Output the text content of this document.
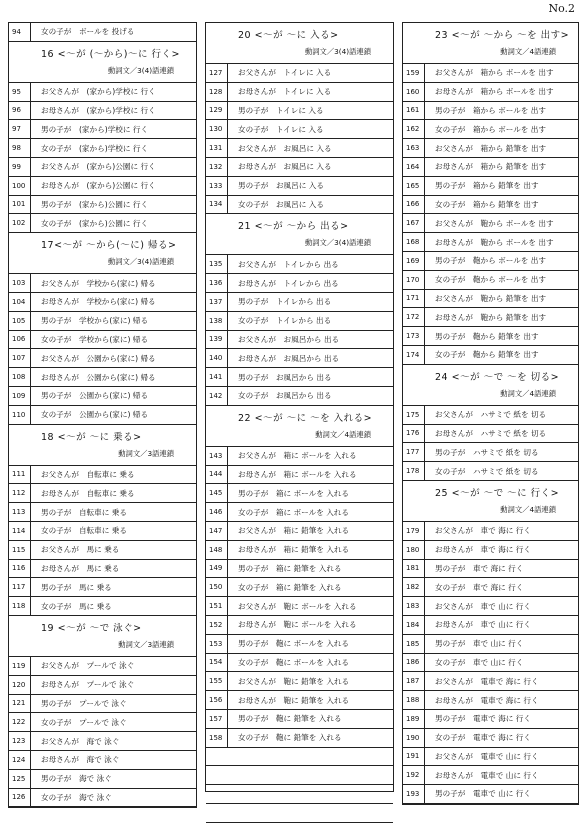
No.2
94	女の子が　ボールを 投げる
16 <～が (～から)～に 行く>
動詞文／3(4)語連鎖
95	お父さんが　(家から)学校に 行く
96	お母さんが　(家から)学校に 行く
97	男の子が　(家から)学校に 行く
98	女の子が　(家から)学校に 行く
99	お父さんが　(家から)公園に 行く
100	お母さんが　(家から)公園に 行く
101	男の子が　(家から)公園に 行く
102	女の子が　(家から)公園に 行く
17<～が ～から(～に) 帰る>
動詞文／3(4)語連鎖
103	お父さんが　学校から(家に) 帰る
104	お母さんが　学校から(家に) 帰る
105	男の子が　学校から(家に) 帰る
106	女の子が　学校から(家に) 帰る
107	お父さんが　公園から(家に) 帰る
108	お母さんが　公園から(家に) 帰る
109	男の子が　公園から(家に) 帰る
110	女の子が　公園から(家に) 帰る
18 <～が ～に 乗る>
動詞文／3語連鎖
111	お父さんが　自転車に 乗る
112	お母さんが　自転車に 乗る
113	男の子が　自転車に 乗る
114	女の子が　自転車に 乗る
115	お父さんが　馬に 乗る
116	お母さんが　馬に 乗る
117	男の子が　馬に 乗る
118	女の子が　馬に 乗る
19 <～が ～で 泳ぐ>
動詞文／3語連鎖
119	お父さんが　プールで 泳ぐ
120	お母さんが　プールで 泳ぐ
121	男の子が　プールで 泳ぐ
122	女の子が　プールで 泳ぐ
123	お父さんが　海で 泳ぐ
124	お母さんが　海で 泳ぐ
125	男の子が　海で 泳ぐ
126	女の子が　海で 泳ぐ
20 <～が ～に 入る>
動詞文／3(4)語連鎖
127	お父さんが　トイレに 入る
128	お母さんが　トイレに 入る
129	男の子が　トイレに 入る
130	女の子が　トイレに 入る
131	お父さんが　お風呂に 入る
132	お母さんが　お風呂に 入る
133	男の子が　お風呂に 入る
134	女の子が　お風呂に 入る
21 <～が ～から 出る>
動詞文／3(4)語連鎖
135	お父さんが　トイレから 出る
136	お母さんが　トイレから 出る
137	男の子が　トイレから 出る
138	女の子が　トイレから 出る
139	お父さんが　お風呂から 出る
140	お母さんが　お風呂から 出る
141	男の子が　お風呂から 出る
142	女の子が　お風呂から 出る
22 <～が ～に ～を 入れる>
動詞文／4語連鎖
143	お父さんが　箱に ボールを 入れる
144	お母さんが　箱に ボールを 入れる
145	男の子が　箱に ボールを 入れる
146	女の子が　箱に ボールを 入れる
147	お父さんが　箱に 鉛筆を 入れる
148	お母さんが　箱に 鉛筆を 入れる
149	男の子が　箱に 鉛筆を 入れる
150	女の子が　箱に 鉛筆を 入れる
151	お父さんが　鞄に ボールを 入れる
152	お母さんが　鞄に ボールを 入れる
153	男の子が　鞄に ボールを 入れる
154	女の子が　鞄に ボールを 入れる
155	お父さんが　鞄に 鉛筆を 入れる
156	お母さんが　鞄に 鉛筆を 入れる
157	男の子が　鞄に 鉛筆を 入れる
158	女の子が　鞄に 鉛筆を 入れる
23 <～が ～から ～を 出す>
動詞文／4語連鎖
159	お父さんが　箱から ボールを 出す
160	お母さんが　箱から ボールを 出す
161	男の子が　箱から ボールを 出す
162	女の子が　箱から ボールを 出す
163	お父さんが　箱から 鉛筆を 出す
164	お母さんが　箱から 鉛筆を 出す
165	男の子が　箱から 鉛筆を 出す
166	女の子が　箱から 鉛筆を 出す
167	お父さんが　鞄から ボールを 出す
168	お母さんが　鞄から ボールを 出す
169	男の子が　鞄から ボールを 出す
170	女の子が　鞄から ボールを 出す
171	お父さんが　鞄から 鉛筆を 出す
172	お母さんが　鞄から 鉛筆を 出す
173	男の子が　鞄から 鉛筆を 出す
174	女の子が　鞄から 鉛筆を 出す
24 <～が ～で ～を 切る>
動詞文／4語連鎖
175	お父さんが　ハサミで 紙を 切る
176	お母さんが　ハサミで 紙を 切る
177	男の子が　ハサミで 紙を 切る
178	女の子が　ハサミで 紙を 切る
25 <～が ～で ～に 行く>
動詞文／4語連鎖
179	お父さんが　車で 海に 行く
180	お母さんが　車で 海に 行く
181	男の子が　車で 海に 行く
182	女の子が　車で 海に 行く
183	お父さんが　車で 山に 行く
184	お母さんが　車で 山に 行く
185	男の子が　車で 山に 行く
186	女の子が　車で 山に 行く
187	お父さんが　電車で 海に 行く
188	お母さんが　電車で 海に 行く
189	男の子が　電車で 海に 行く
190	女の子が　電車で 海に 行く
191	お父さんが　電車で 山に 行く
192	お母さんが　電車で 山に 行く
193	男の子が　電車で 山に 行く
